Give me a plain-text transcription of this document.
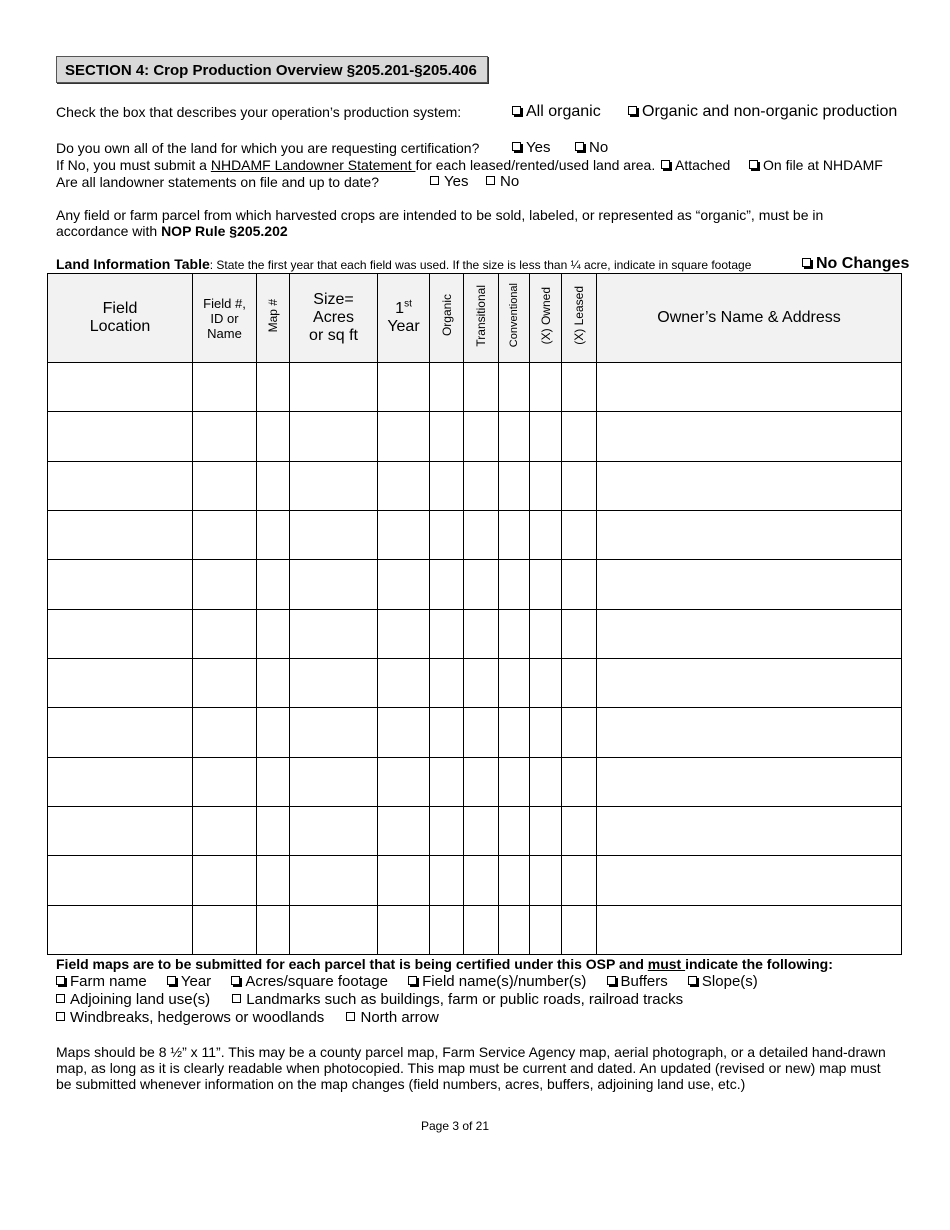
SECTION 4: Crop Production Overview §205.201-§205.406
Check the box that describes your operation’s production system:	All organic	Organic and non-organic production
Do you own all of the land for which you are requesting certification?	Yes	No
If No, you must submit a NHDAMF Landowner Statement for each leased/rented/used land area.	Attached	On file at NHDAMF
Are all landowner statements on file and up to date?	Yes	No
Any field or farm parcel from which harvested crops are intended to be sold, labeled, or represented as “organic”, must be in
accordance with NOP Rule §205.202
Land Information Table: State the first year that each field was used. If the size is less than ¼ acre, indicate in square footage	No Changes
Field
Location	Field #,
ID or
Name	Map #	Size=
Acres
or sq ft	1st
Year	Organic	Transitional	Conventional	(X) Owned	(X) Leased	Owner’s Name & Address

Field maps are to be submitted for each parcel that is being certified under this OSP and must indicate the following:
Farm name Year Acres/square footage Field name(s)/number(s) Buffers Slope(s)
Adjoining land use(s) Landmarks such as buildings, farm or public roads, railroad tracks
Windbreaks, hedgerows or woodlands North arrow
Maps should be 8 ½” x 11”. This may be a county parcel map, Farm Service Agency map, aerial photograph, or a detailed hand-drawn
map, as long as it is clearly readable when photocopied. This map must be current and dated. An updated (revised or new) map must
be submitted whenever information on the map changes (field numbers, acres, buffers, adjoining land use, etc.)
Page 3 of 21
